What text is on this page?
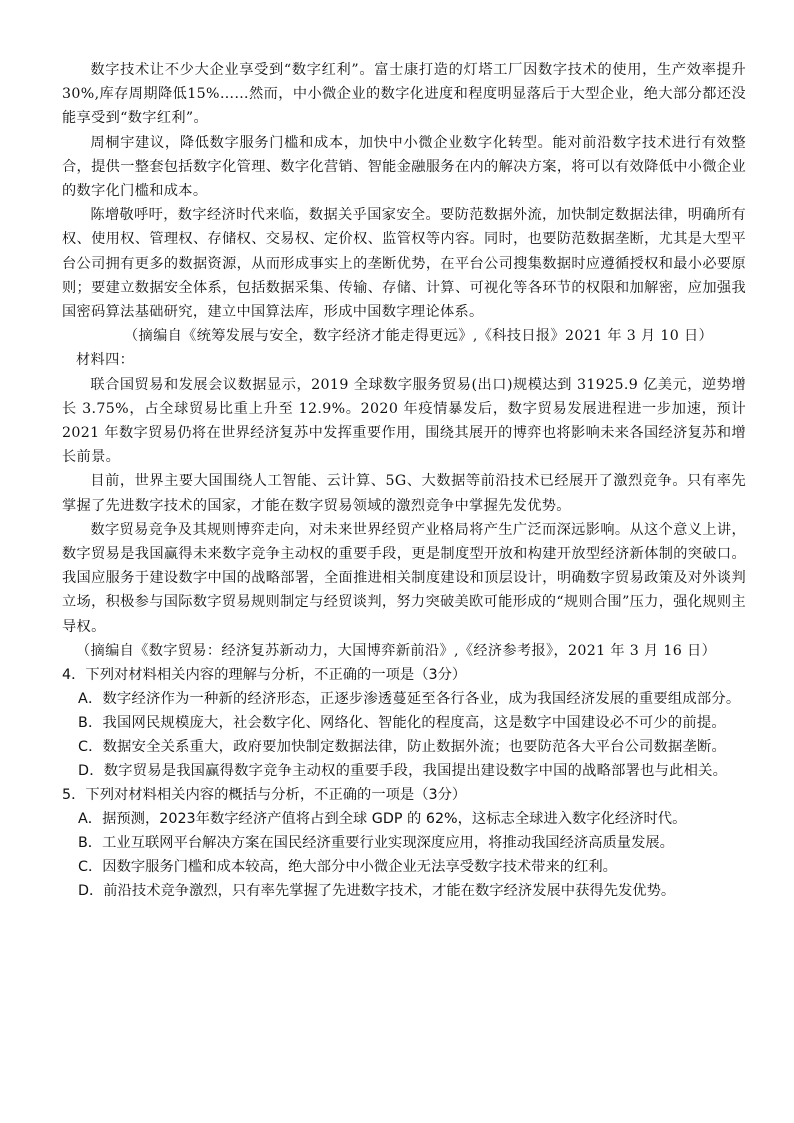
数字技术让不少大企业享受到“数字红利”。富士康打造的灯塔工厂因数字技术的使用，生产效率提升30%,库存周期降低15%……然而，中小微企业的数字化进度和程度明显落后于大型企业，绝大部分都还没能享受到“数字红利”。

周桐宇建议，降低数字服务门槛和成本，加快中小微企业数字化转型。能对前沿数字技术进行有效整合，提供一整套包括数字化管理、数字化营销、智能金融服务在内的解决方案，将可以有效降低中小微企业的数字化门槛和成本。

陈增敬呼吁，数字经济时代来临，数据关乎国家安全。要防范数据外流，加快制定数据法律，明确所有权、使用权、管理权、存储权、交易权、定价权、监管权等内容。同时，也要防范数据垄断，尤其是大型平台公司拥有更多的数据资源，从而形成事实上的垄断优势，在平台公司搜集数据时应遵循授权和最小必要原则；要建立数据安全体系，包括数据采集、传输、存储、计算、可视化等各环节的权限和加解密，应加强我国密码算法基础研究，建立中国算法库，形成中国数字理论体系。

（摘编自《统筹发展与安全，数字经济才能走得更远》,《科技日报》2021 年 3 月 10 日）

材料四：

联合国贸易和发展会议数据显示，2019 全球数字服务贸易(出口)规模达到 31925.9 亿美元，逆势增长 3.75%，占全球贸易比重上升至 12.9%。2020 年疫情暴发后，数字贸易发展进程进一步加速，预计 2021 年数字贸易仍将在世界经济复苏中发挥重要作用，围绕其展开的博弈也将影响未来各国经济复苏和增长前景。

目前，世界主要大国围绕人工智能、云计算、5G、大数据等前沿技术已经展开了激烈竞争。只有率先掌握了先进数字技术的国家，才能在数字贸易领域的激烈竞争中掌握先发优势。

数字贸易竞争及其规则博弈走向，对未来世界经贸产业格局将产生广泛而深远影响。从这个意义上讲，数字贸易是我国赢得未来数字竞争主动权的重要手段，更是制度型开放和构建开放型经济新体制的突破口。我国应服务于建设数字中国的战略部署，全面推进相关制度建设和顶层设计，明确数字贸易政策及对外谈判立场，积极参与国际数字贸易规则制定与经贸谈判，努力突破美欧可能形成的“规则合围”压力，强化规则主导权。

（摘编自《数字贸易：经济复苏新动力，大国博弈新前沿》,《经济参考报》，2021 年 3 月 16 日）

4．下列对材料相关内容的理解与分析，不正确的一项是（3分）

A．数字经济作为一种新的经济形态，正逐步渗透蔓延至各行各业，成为我国经济发展的重要组成部分。

B．我国网民规模庞大，社会数字化、网络化、智能化的程度高，这是数字中国建设必不可少的前提。

C．数据安全关系重大，政府要加快制定数据法律，防止数据外流；也要防范各大平台公司数据垄断。

D．数字贸易是我国赢得数字竞争主动权的重要手段，我国提出建设数字中国的战略部署也与此相关。

5．下列对材料相关内容的概括与分析，不正确的一项是（3分）

A．据预测，2023年数字经济产值将占到全球 GDP 的 62%，这标志全球进入数字化经济时代。

B．工业互联网平台解决方案在国民经济重要行业实现深度应用，将推动我国经济高质量发展。

C．因数字服务门槛和成本较高，绝大部分中小微企业无法享受数字技术带来的红利。

D．前沿技术竞争激烈，只有率先掌握了先进数字技术，才能在数字经济发展中获得先发优势。
